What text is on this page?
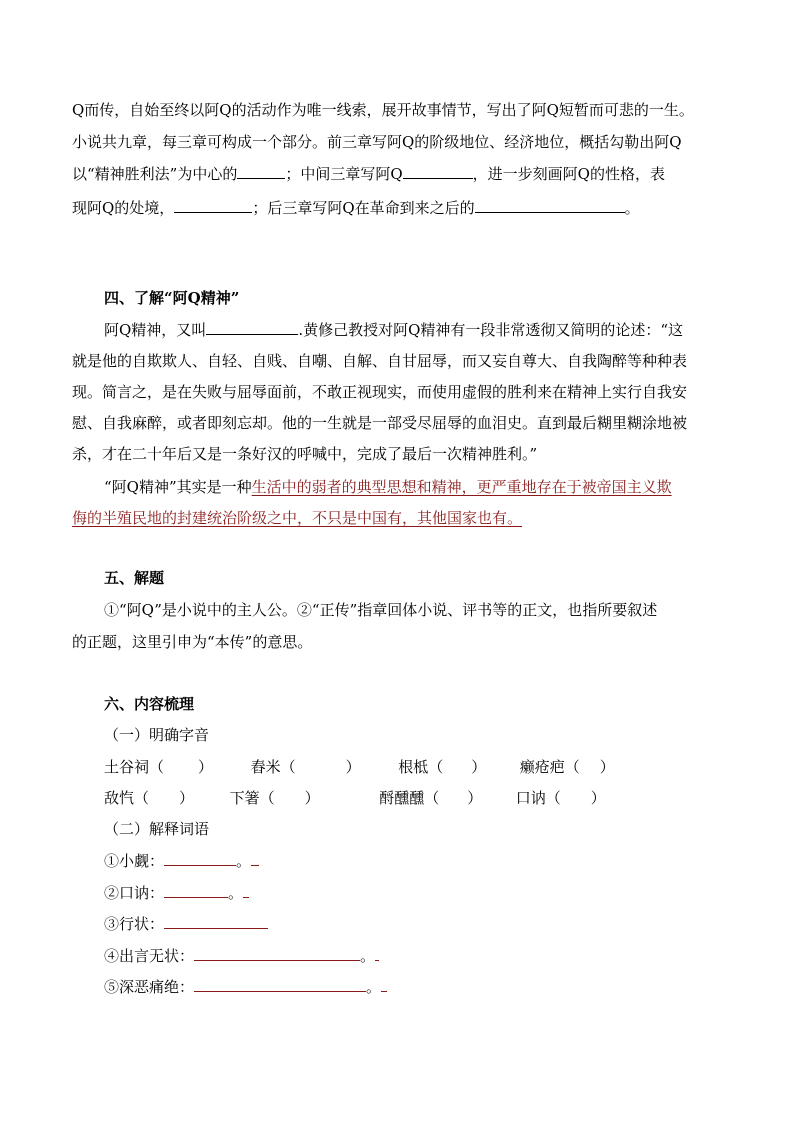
Q而传，自始至终以阿Q的活动作为唯一线索，展开故事情节，写出了阿Q短暂而可悲的一生。
小说共九章，每三章可构成一个部分。前三章写阿Q的阶级地位、经济地位，概括勾勒出阿Q
以“精神胜利法”为中心的	；中间三章写阿Q	，进一步刻画阿Q的性格，表
现阿Q的处境，	；后三章写阿Q在革命到来之后的	。
四、了解“阿Q精神”
阿Q精神，又叫	.黄修己教授对阿Q精神有一段非常透彻又简明的论述：“这
就是他的自欺欺人、自轻、自贱、自嘲、自解、自甘屈辱，而又妄自尊大、自我陶醉等种种表
现。简言之，是在失败与屈辱面前，不敢正视现实，而使用虚假的胜利来在精神上实行自我安
慰、自我麻醉，或者即刻忘却。他的一生就是一部受尽屈辱的血泪史。直到最后糊里糊涂地被
杀，才在二十年后又是一条好汉的呼喊中，完成了最后一次精神胜利。”
“阿Q精神”其实是一种生活中的弱者的典型思想和精神，更严重地存在于被帝国主义欺
侮的半殖民地的封建统治阶级之中，不只是中国有，其他国家也有。
五、解题
①“阿Q”是小说中的主人公。②“正传”指章回体小说、评书等的正文，也指所要叙述
的正题，这里引申为“本传”的意思。
六、内容梳理
（一）明确字音
土谷祠（ ）	舂米（	）	根柢（ ） 癞疮疤（ ）
敌忾（ ） 下箸（ ）	酹醺醺（ ） 口讷（ ）
（二）解释词语
①小觑：	。
②口讷：	。
③行状：
④出言无状：	。
⑤深恶痛绝：	。
